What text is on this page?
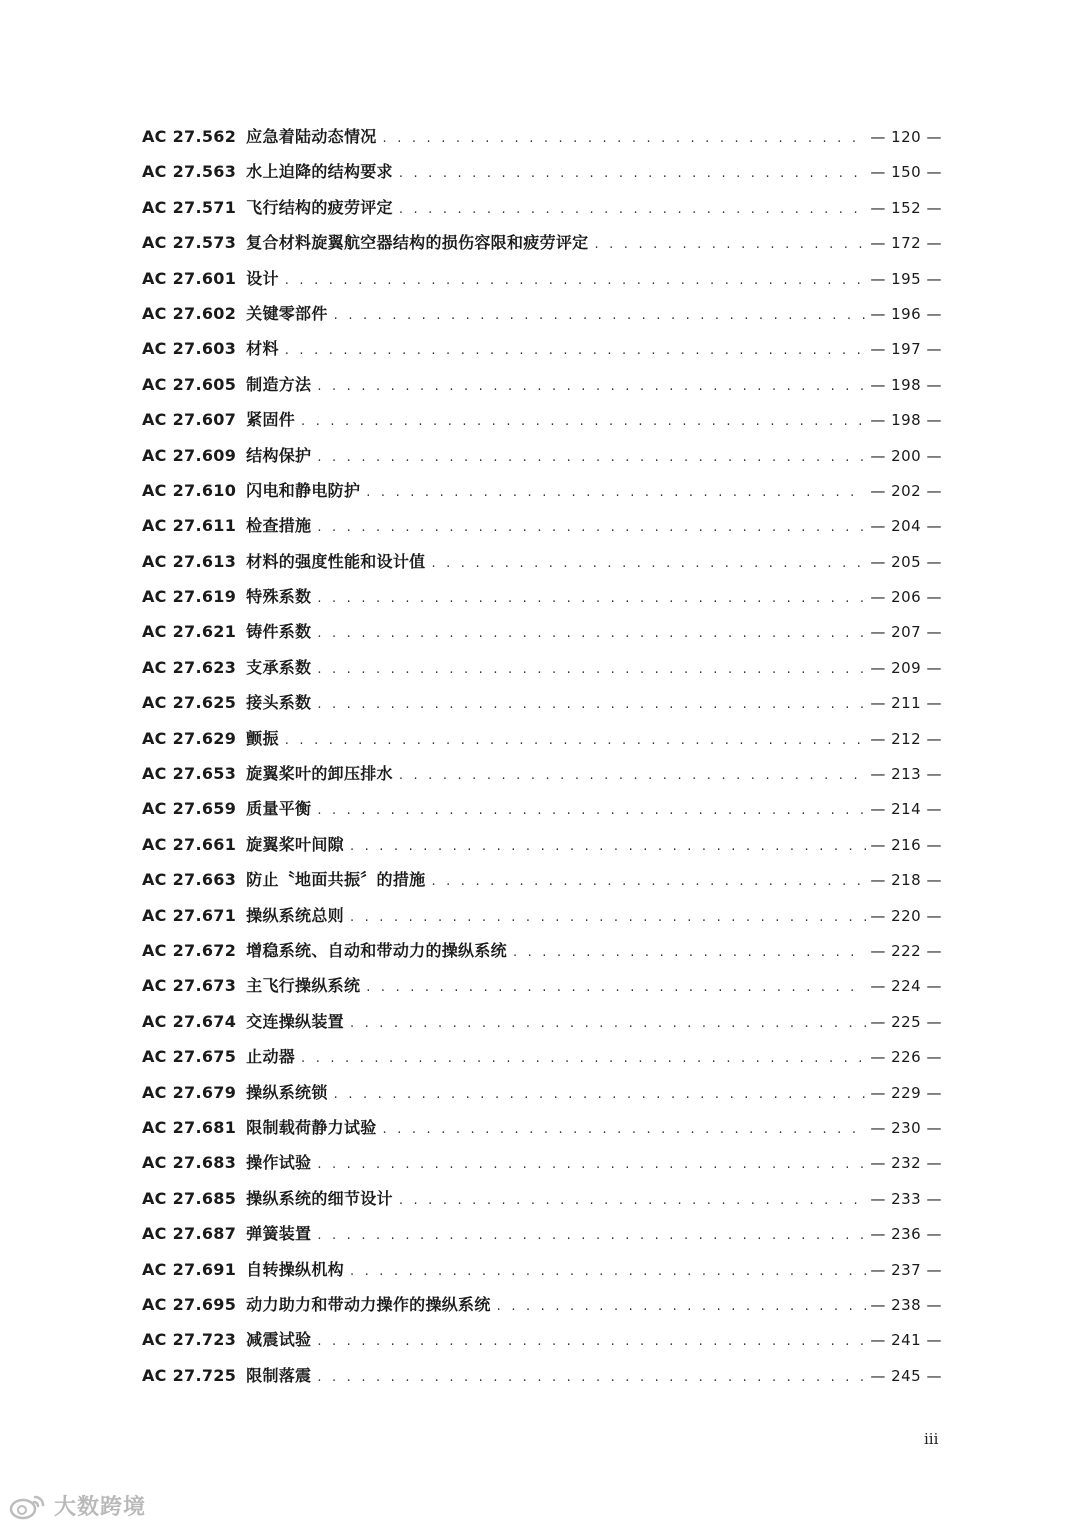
AC 27.562 应急着陆动态情况 . . .	— 120 —
AC 27.563 水上迫降的结构要求 . . .	— 150 —
AC 27.571 飞行结构的疲劳评定 . . .	— 152 —
AC 27.573 复合材料旋翼航空器结构的损伤容限和疲劳评定 . . .	— 172 —
AC 27.601 设计 . . .	— 195 —
AC 27.602 关键零部件 . . .	— 196 —
AC 27.603 材料 . . .	— 197 —
AC 27.605 制造方法 . . .	— 198 —
AC 27.607 紧固件 . . .	— 198 —
AC 27.609 结构保护 . . .	— 200 —
AC 27.610 闪电和静电防护 . . .	— 202 —
AC 27.611 检查措施 . . .	— 204 —
AC 27.613 材料的强度性能和设计值 . . .	— 205 —
AC 27.619 特殊系数 . . .	— 206 —
AC 27.621 铸件系数 . . .	— 207 —
AC 27.623 支承系数 . . .	— 209 —
AC 27.625 接头系数 . . .	— 211 —
AC 27.629 颤振 . . .	— 212 —
AC 27.653 旋翼桨叶的卸压排水 . . .	— 213 —
AC 27.659 质量平衡 . . .	— 214 —
AC 27.661 旋翼桨叶间隙 . . .	— 216 —
AC 27.663 防止〝地面共振〞的措施 . . .	— 218 —
AC 27.671 操纵系统总则 . . .	— 220 —
AC 27.672 增稳系统、自动和带动力的操纵系统 . . .	— 222 —
AC 27.673 主飞行操纵系统 . . .	— 224 —
AC 27.674 交连操纵装置 . . .	— 225 —
AC 27.675 止动器 . . .	— 226 —
AC 27.679 操纵系统锁 . . .	— 229 —
AC 27.681 限制载荷静力试验 . . .	— 230 —
AC 27.683 操作试验 . . .	— 232 —
AC 27.685 操纵系统的细节设计 . . .	— 233 —
AC 27.687 弹簧装置 . . .	— 236 —
AC 27.691 自转操纵机构 . . .	— 237 —
AC 27.695 动力助力和带动力操作的操纵系统 . . .	— 238 —
AC 27.723 减震试验 . . .	— 241 —
AC 27.725 限制落震 . . .	— 245 —
iii
大数跨境
